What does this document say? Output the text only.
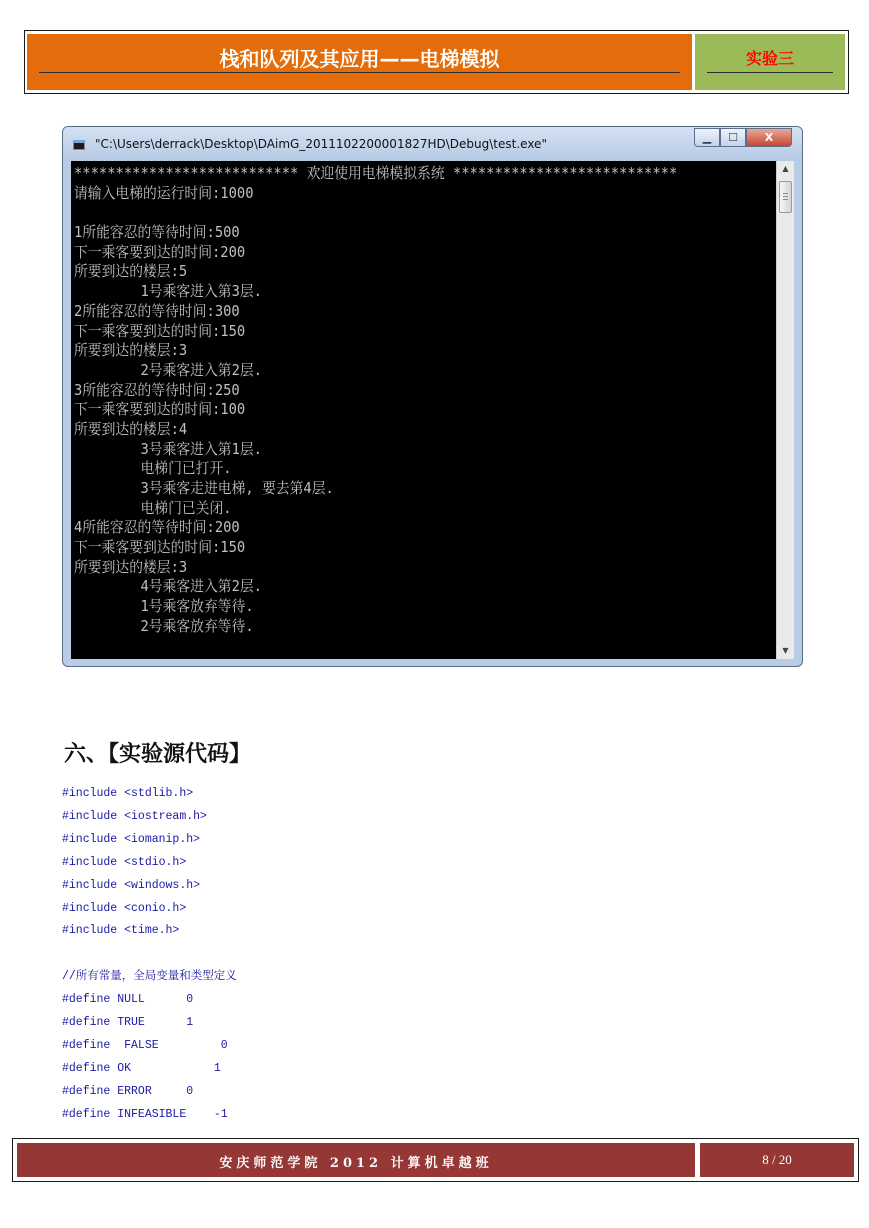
栈和队列及其应用——电梯模拟	实验三
"C:\Users\derrack\Desktop\DAimG_2011102200001827HD\Debug\test.exe"	▁	☐	X
*************************** 欢迎使用电梯模拟系统 ***************************
请输入电梯的运行时间:1000
1所能容忍的等待时间:500
下一乘客要到达的时间:200
所要到达的楼层:5
1号乘客进入第3层.
2所能容忍的等待时间:300
下一乘客要到达的时间:150
所要到达的楼层:3
2号乘客进入第2层.
3所能容忍的等待时间:250
下一乘客要到达的时间:100
所要到达的楼层:4
3号乘客进入第1层.
电梯门已打开.
3号乘客走进电梯, 要去第4层.
电梯门已关闭.
4所能容忍的等待时间:200
下一乘客要到达的时间:150
所要到达的楼层:3
4号乘客进入第2层.
1号乘客放弃等待.
2号乘客放弃等待.
▲
▼
六、【实验源代码】
#include <stdlib.h>
#include <iostream.h>
#include <iomanip.h>
#include <stdio.h>
#include <windows.h>
#include <conio.h>
#include <time.h>
//所有常量，全局变量和类型定义
#define NULL      0
#define TRUE      1
#define  FALSE         0
#define OK            1
#define ERROR     0
#define INFEASIBLE    -1
安庆师范学院 2012 计算机卓越班	8 / 20
